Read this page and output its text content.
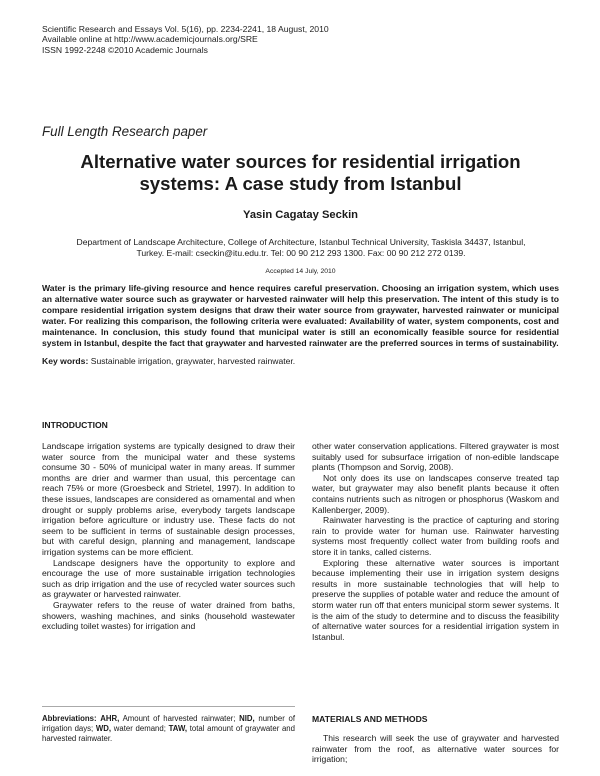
Scientific Research and Essays Vol. 5(16), pp. 2234-2241, 18 August, 2010
Available online at http://www.academicjournals.org/SRE
ISSN 1992-2248 ©2010 Academic Journals
Full Length Research paper
Alternative water sources for residential irrigation systems: A case study from Istanbul
Yasin Cagatay Seckin
Department of Landscape Architecture, College of Architecture, Istanbul Technical University, Taskisla 34437, Istanbul, Turkey. E-mail: cseckin@itu.edu.tr. Tel: 00 90 212 293 1300. Fax: 00 90 212 272 0139.
Accepted 14 July, 2010
Water is the primary life-giving resource and hence requires careful preservation. Choosing an irrigation system, which uses an alternative water source such as graywater or harvested rainwater will help this preservation. The intent of this study is to compare residential irrigation system designs that draw their water source from graywater, harvested rainwater or municipal water. For realizing this comparison, the following criteria were evaluated: Availability of water, system components, cost and maintenance. In conclusion, this study found that municipal water is still an economically feasible source for residential system in Istanbul, despite the fact that graywater and harvested rainwater are the preferred sources in terms of sustainability.
Key words: Sustainable irrigation, graywater, harvested rainwater.
INTRODUCTION

Landscape irrigation systems are typically designed to draw their water source from the municipal water and these systems consume 30 - 50% of municipal water in many areas. If summer months are drier and warmer than usual, this percentage can reach 75% or more (Groesbeck and Strietel, 1997). In addition to these issues, landscapes are considered as ornamental and when drought or supply problems arise, everybody targets landscape irrigation before agriculture or industry use. These facts do not seem to be sufficient in terms of sustainable design processes, but with careful design, planning and management, landscape irrigation systems can be more efficient.

Landscape designers have the opportunity to explore and encourage the use of more sustainable irrigation technologies such as drip irrigation and the use of recycled water sources such as graywater or harvested rainwater.

Graywater refers to the reuse of water drained from baths, showers, washing machines, and sinks (household wastewater excluding toilet wastes) for irrigation and

Abbreviations: AHR, Amount of harvested rainwater; NID, number of irrigation days; WD, water demand; TAW, total amount of graywater and harvested rainwater.

other water conservation applications. Filtered graywater is most suitably used for subsurface irrigation of non-edible landscape plants (Thompson and Sorvig, 2008).

Not only does its use on landscapes conserve treated tap water, but graywater may also benefit plants because it often contains nutrients such as nitrogen or phosphorus (Waskom and Kallenberger, 2009).

Rainwater harvesting is the practice of capturing and storing rain to provide water for human use. Rainwater harvesting systems most frequently collect water from building roofs and store it in tanks, called cisterns.

Exploring these alternative water sources is important because implementing their use in irrigation system designs results in more sustainable technologies that will help to preserve the supplies of potable water and reduce the amount of storm water run off that enters municipal storm sewer systems. It is the aim of the study to determine and to discuss the feasibility of alternative water sources for a residential irrigation system in Istanbul.

MATERIALS AND METHODS

This research will seek the use of graywater and harvested rainwater from the roof, as alternative water sources for irrigation;
